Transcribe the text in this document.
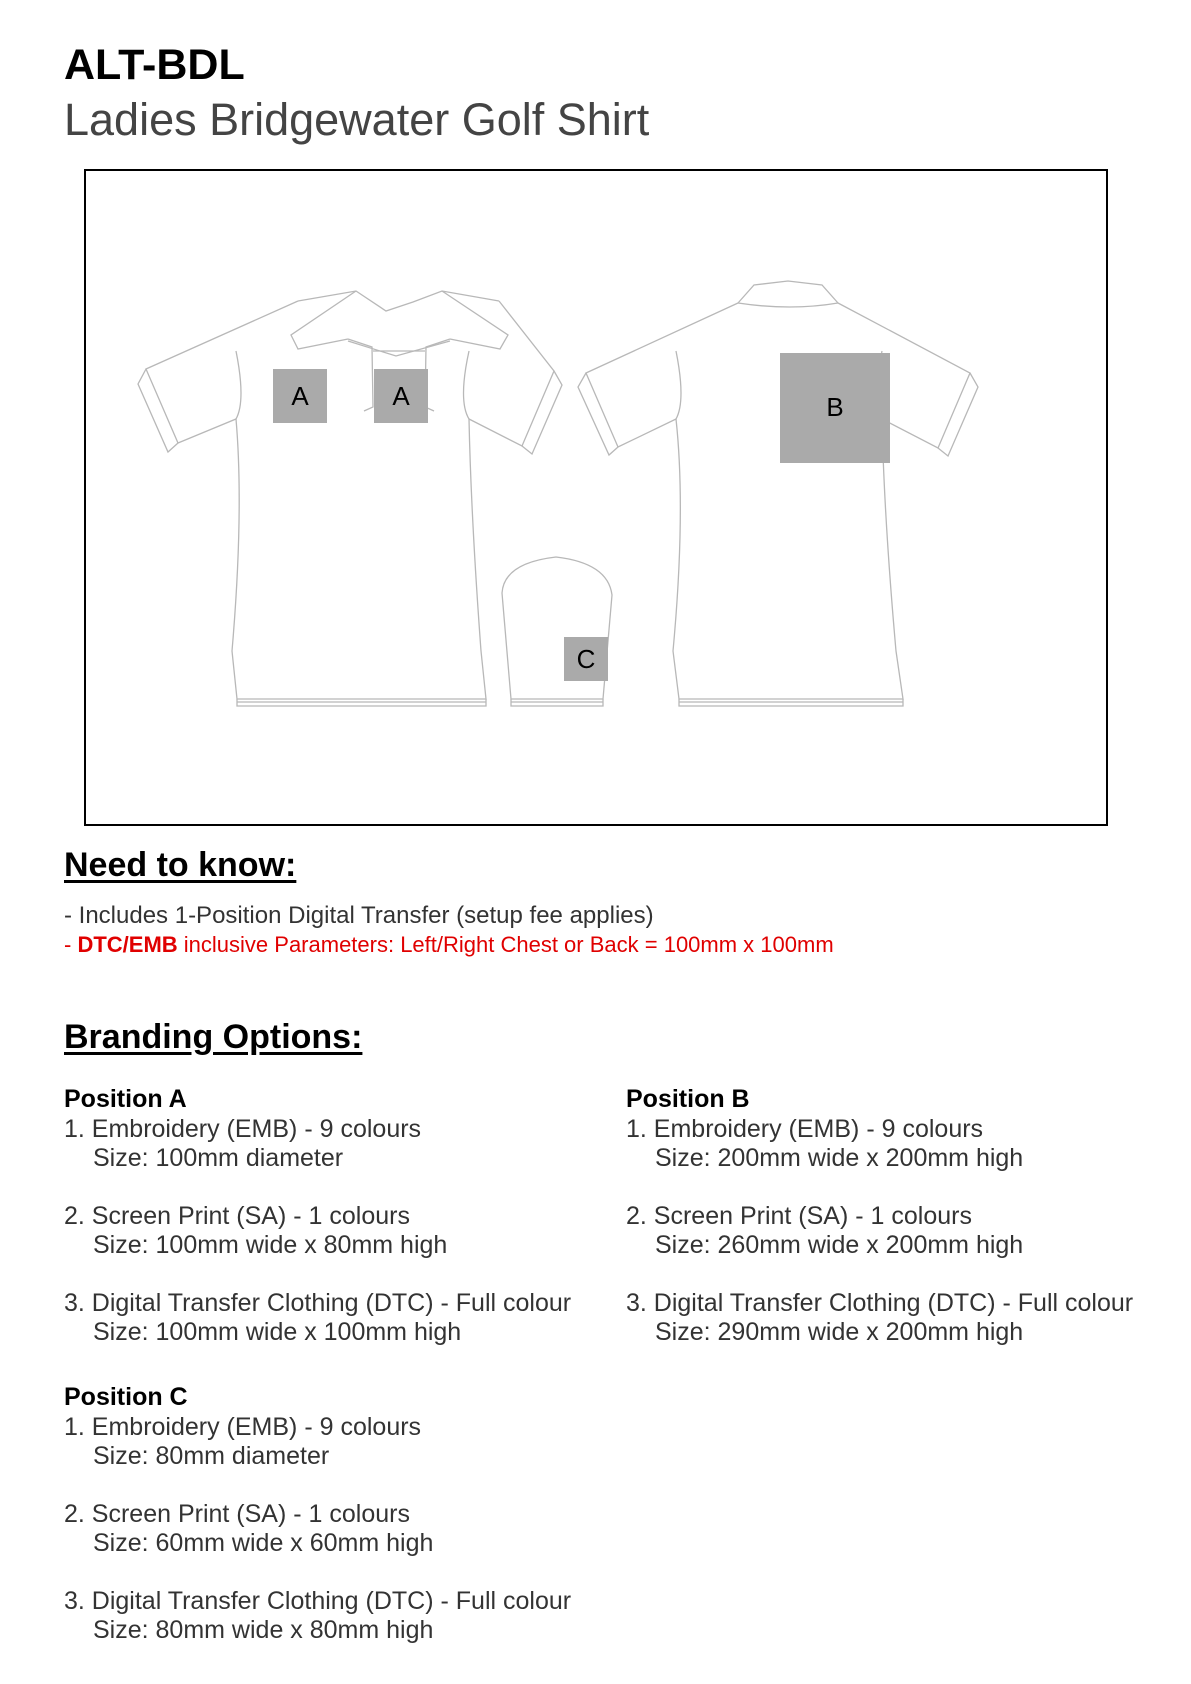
ALT-BDL
Ladies Bridgewater Golf Shirt
A	A	B
C
Need to know:
- Includes 1-Position Digital Transfer (setup fee applies)
- DTC/EMB inclusive Parameters: Left/Right Chest or Back = 100mm x 100mm
Branding Options:
Position A
1. Embroidery (EMB) - 9 colours
Size: 100mm diameter
2. Screen Print (SA) - 1 colours
Size: 100mm wide x 80mm high
3. Digital Transfer Clothing (DTC) - Full colour
Size: 100mm wide x 100mm high
Position B
1. Embroidery (EMB) - 9 colours
Size: 200mm wide x 200mm high
2. Screen Print (SA) - 1 colours
Size: 260mm wide x 200mm high
3. Digital Transfer Clothing (DTC) - Full colour
Size: 290mm wide x 200mm high
Position C
1. Embroidery (EMB) - 9 colours
Size: 80mm diameter
2. Screen Print (SA) - 1 colours
Size: 60mm wide x 60mm high
3. Digital Transfer Clothing (DTC) - Full colour
Size: 80mm wide x 80mm high
